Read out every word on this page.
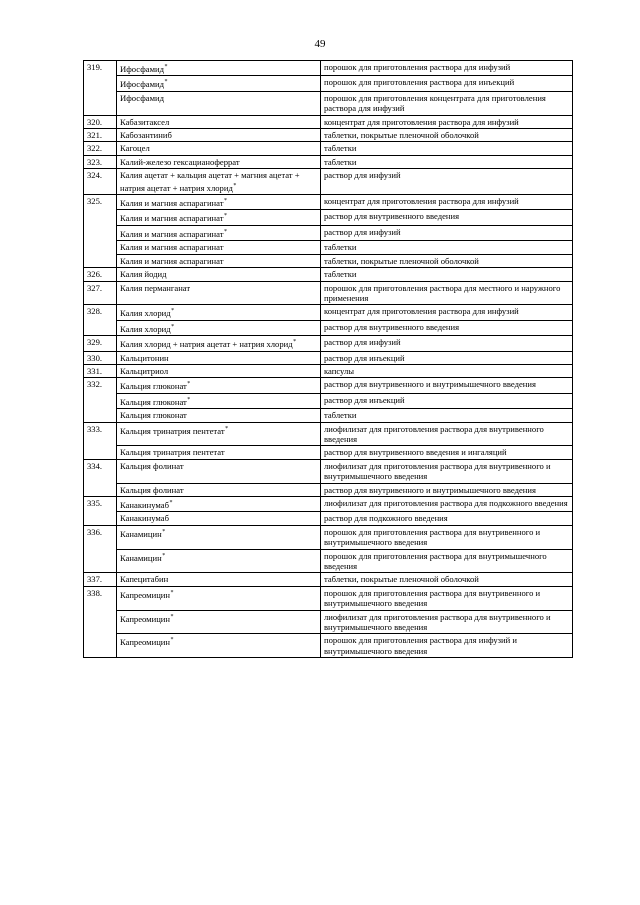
49
319.	Ифосфамид*	порошок для приготовления раствора для инфузий
	Ифосфамид*	порошок для приготовления раствора для инъекций
	Ифосфамид	порошок для приготовления концентрата для приготовления раствора для инфузий
320.	Кабазитаксел	концентрат для приготовления раствора для инфузий
321.	Кабозантиниб	таблетки, покрытые пленочной оболочкой
322.	Кагоцел	таблетки
323.	Калий-железо гексацианоферрат	таблетки
324.	Калия ацетат + кальция ацетат + магния ацетат + натрия ацетат + натрия хлорид*	раствор для инфузий
325.	Калия и магния аспарагинат*	концентрат для приготовления раствора для инфузий
	Калия и магния аспарагинат*	раствор для внутривенного введения
	Калия и магния аспарагинат*	раствор для инфузий
	Калия и магния аспарагинат	таблетки
	Калия и магния аспарагинат	таблетки, покрытые пленочной оболочкой
326.	Калия йодид	таблетки
327.	Калия перманганат	порошок для приготовления раствора для местного и наружного применения
328.	Калия хлорид*	концентрат для приготовления раствора для инфузий
	Калия хлорид*	раствор для внутривенного введения
329.	Калия хлорид + натрия ацетат + натрия хлорид*	раствор для инфузий
330.	Кальцитонин	раствор для инъекций
331.	Кальцитриол	капсулы
332.	Кальция глюконат*	раствор для внутривенного и внутримышечного введения
	Кальция глюконат*	раствор для инъекций
	Кальция глюконат	таблетки
333.	Кальция тринатрия пентетат*	лиофилизат для приготовления раствора для внутривенного введения
	Кальция тринатрия пентетат	раствор для внутривенного введения и ингаляций
334.	Кальция фолинат	лиофилизат для приготовления раствора для внутривенного и внутримышечного введения
	Кальция фолинат	раствор для внутривенного и внутримышечного введения
335.	Канакинумаб*	лиофилизат для приготовления раствора для подкожного введения
	Канакинумаб	раствор для подкожного введения
336.	Канамицин*	порошок для приготовления раствора для внутривенного и внутримышечного введения
	Канамицин*	порошок для приготовления раствора для внутримышечного введения
337.	Капецитабин	таблетки, покрытые пленочной оболочкой
338.	Капреомицин*	порошок для приготовления раствора для внутривенного и внутримышечного введения
	Капреомицин*	лиофилизат для приготовления раствора для внутривенного и внутримышечного введения
	Капреомицин*	порошок для приготовления раствора для инфузий и внутримышечного введения
